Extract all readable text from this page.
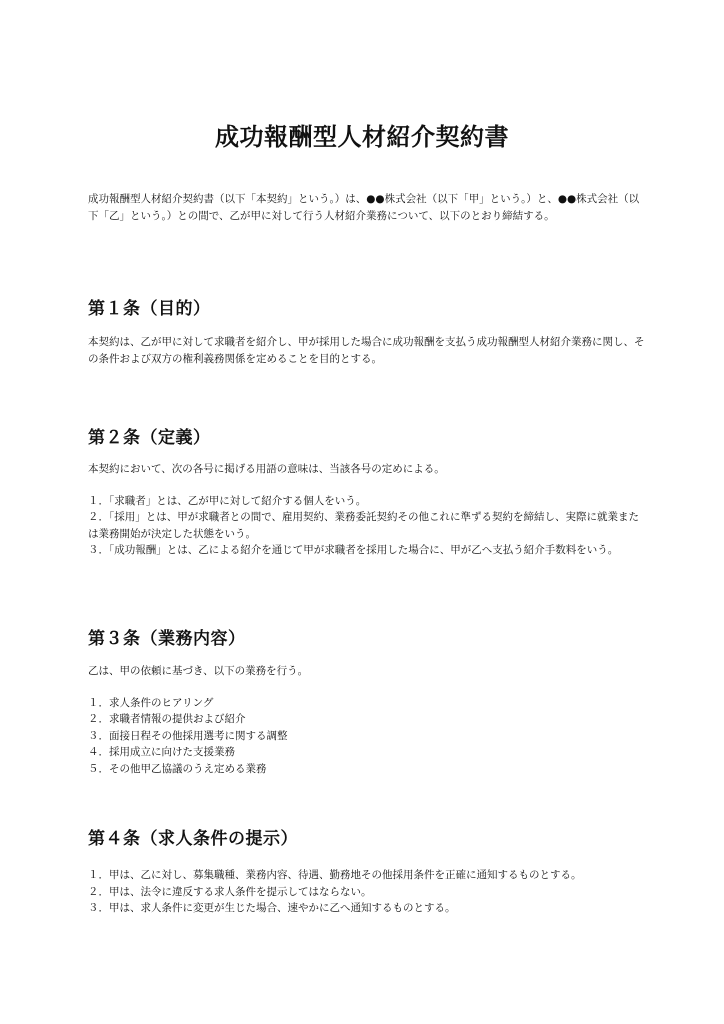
成功報酬型人材紹介契約書

成功報酬型人材紹介契約書（以下「本契約」という。）は、●●株式会社（以下「甲」という。）と、●●株式会社（以下「乙」という。）との間で、乙が甲に対して行う人材紹介業務について、以下のとおり締結する。

第１条（目的）

本契約は、乙が甲に対して求職者を紹介し、甲が採用した場合に成功報酬を支払う成功報酬型人材紹介業務に関し、その条件および双方の権利義務関係を定めることを目的とする。

第２条（定義）

本契約において、次の各号に掲げる用語の意味は、当該各号の定めによる。

１．「求職者」とは、乙が甲に対して紹介する個人をいう。
２．「採用」とは、甲が求職者との間で、雇用契約、業務委託契約その他これに準ずる契約を締結し、実際に就業または業務開始が決定した状態をいう。
３．「成功報酬」とは、乙による紹介を通じて甲が求職者を採用した場合に、甲が乙へ支払う紹介手数料をいう。
第３条（業務内容）

乙は、甲の依頼に基づき、以下の業務を行う。

１．求人条件のヒアリング
２．求職者情報の提供および紹介
３．面接日程その他採用選考に関する調整
４．採用成立に向けた支援業務
５．その他甲乙協議のうえ定める業務
第４条（求人条件の提示）
１．甲は、乙に対し、募集職種、業務内容、待遇、勤務地その他採用条件を正確に通知するものとする。
２．甲は、法令に違反する求人条件を提示してはならない。
３．甲は、求人条件に変更が生じた場合、速やかに乙へ通知するものとする。
